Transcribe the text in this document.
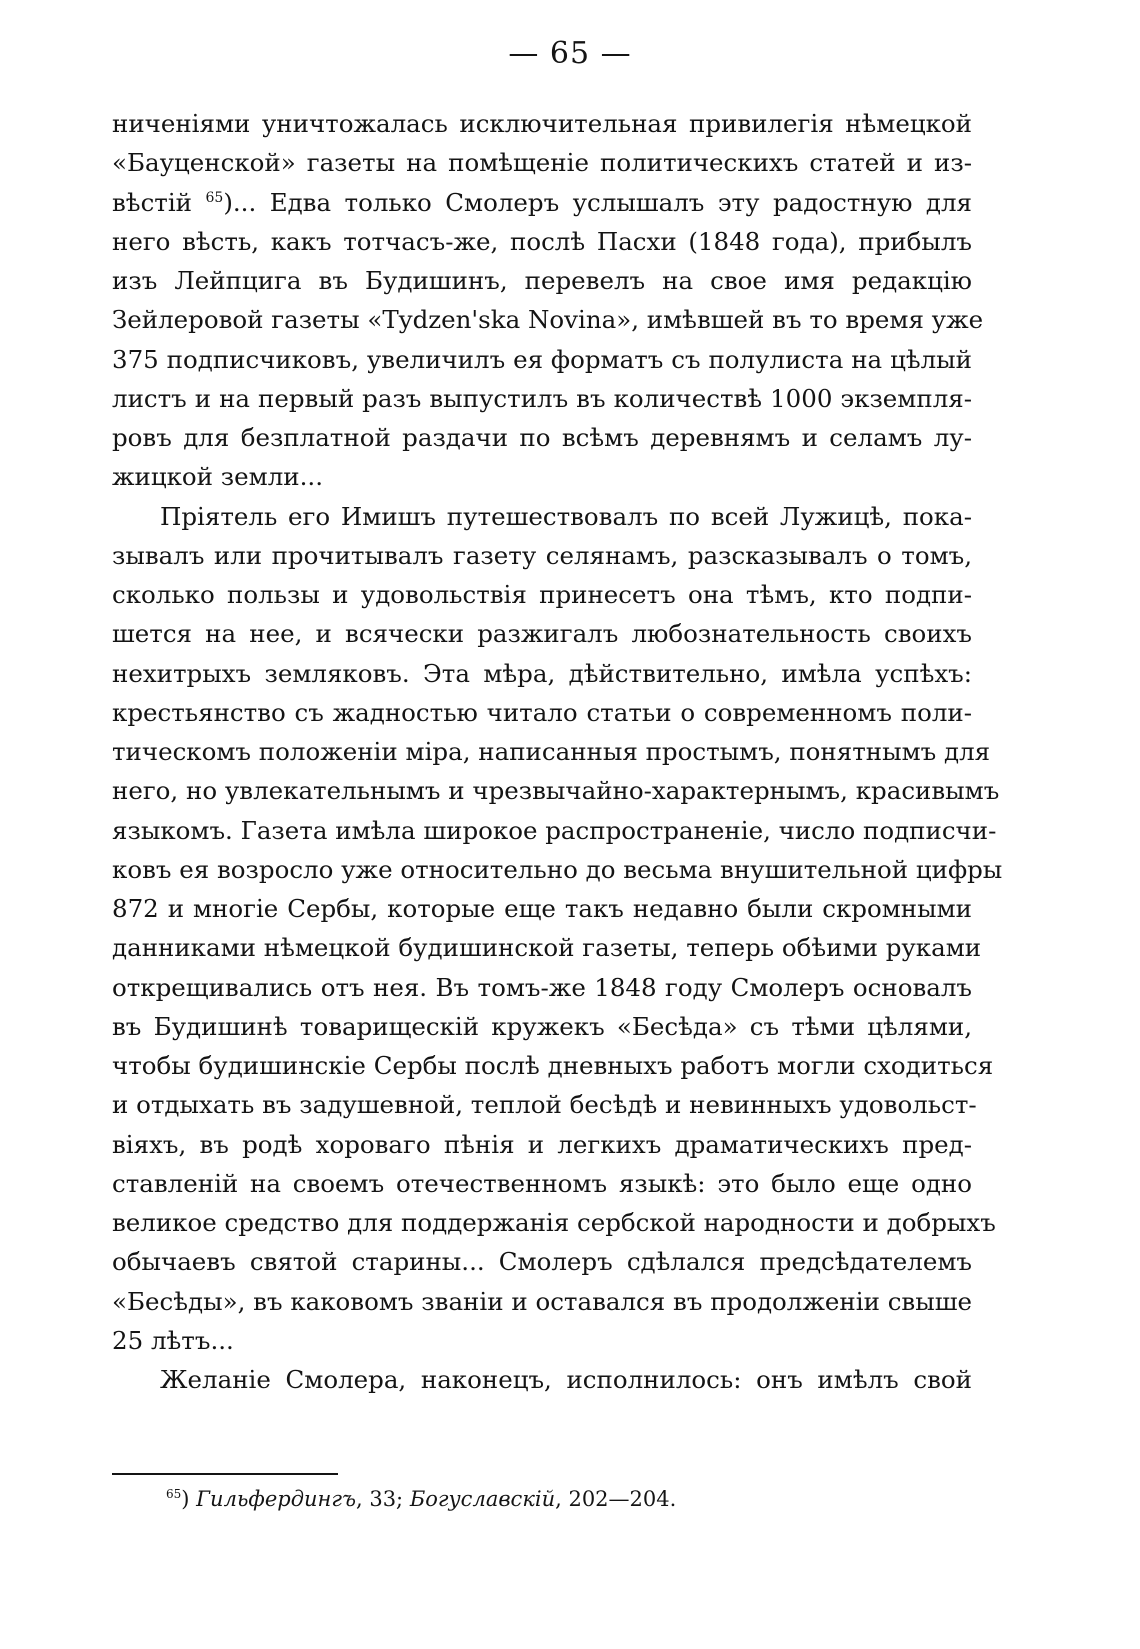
— 65 —
ниченіями уничтожалась исключительная привилегія нѣмецкой
«Бауценской» газеты на помѣщеніе политическихъ статей и из-
вѣстій $^{65}$)... Едва только Смолеръ услышалъ эту радостную для
него вѣсть, какъ тотчасъ-же, послѣ Пасхи (1848 года), прибылъ
изъ Лейпцига въ Будишинъ, перевелъ на свое имя редакцію
Зейлеровой газеты «Tydzen'ska Novina», имѣвшей въ то время уже
375 подписчиковъ, увеличилъ ея форматъ съ полулиста на цѣлый
листъ и на первый разъ выпустилъ въ количествѣ 1000 экземпля-
ровъ для безплатной раздачи по всѣмъ деревнямъ и селамъ лу-
жицкой земли...
Пріятель его Имишъ путешествовалъ по всей Лужицѣ, пока-
зывалъ или прочитывалъ газету селянамъ, разсказывалъ о томъ,
сколько пользы и удовольствія принесетъ она тѣмъ, кто подпи-
шется на нее, и всячески разжигалъ любознательность своихъ
нехитрыхъ земляковъ. Эта мѣра, дѣйствительно, имѣла успѣхъ:
крестьянство съ жадностью читало статьи о современномъ поли-
тическомъ положеніи міра, написанныя простымъ, понятнымъ для
него, но увлекательнымъ и чрезвычайно-характернымъ, красивымъ
языкомъ. Газета имѣла широкое распространеніе, число подписчи-
ковъ ея возросло уже относительно до весьма внушительной цифры
872 и многіе Сербы, которые еще такъ недавно были скромными
данниками нѣмецкой будишинской газеты, теперь обѣими руками
открещивались отъ нея. Въ томъ-же 1848 году Смолеръ основалъ
въ Будишинѣ товарищескій кружекъ «Бесѣда» съ тѣми цѣлями,
чтобы будишинскіе Сербы послѣ дневныхъ работъ могли сходиться
и отдыхать въ задушевной, теплой бесѣдѣ и невинныхъ удовольст-
віяхъ, въ родѣ хороваго пѣнія и легкихъ драматическихъ пред-
ставленій на своемъ отечественномъ языкѣ: это было еще одно
великое средство для поддержанія сербской народности и добрыхъ
обычаевъ святой старины... Смолеръ сдѣлался предсѣдателемъ
«Бесѣды», въ каковомъ званіи и оставался въ продолженіи свыше
25 лѣтъ...
Желаніе Смолера, наконецъ, исполнилось: онъ имѣлъ свой
$^{65}$) Гильфердингъ, 33; Богуславскій, 202—204.
